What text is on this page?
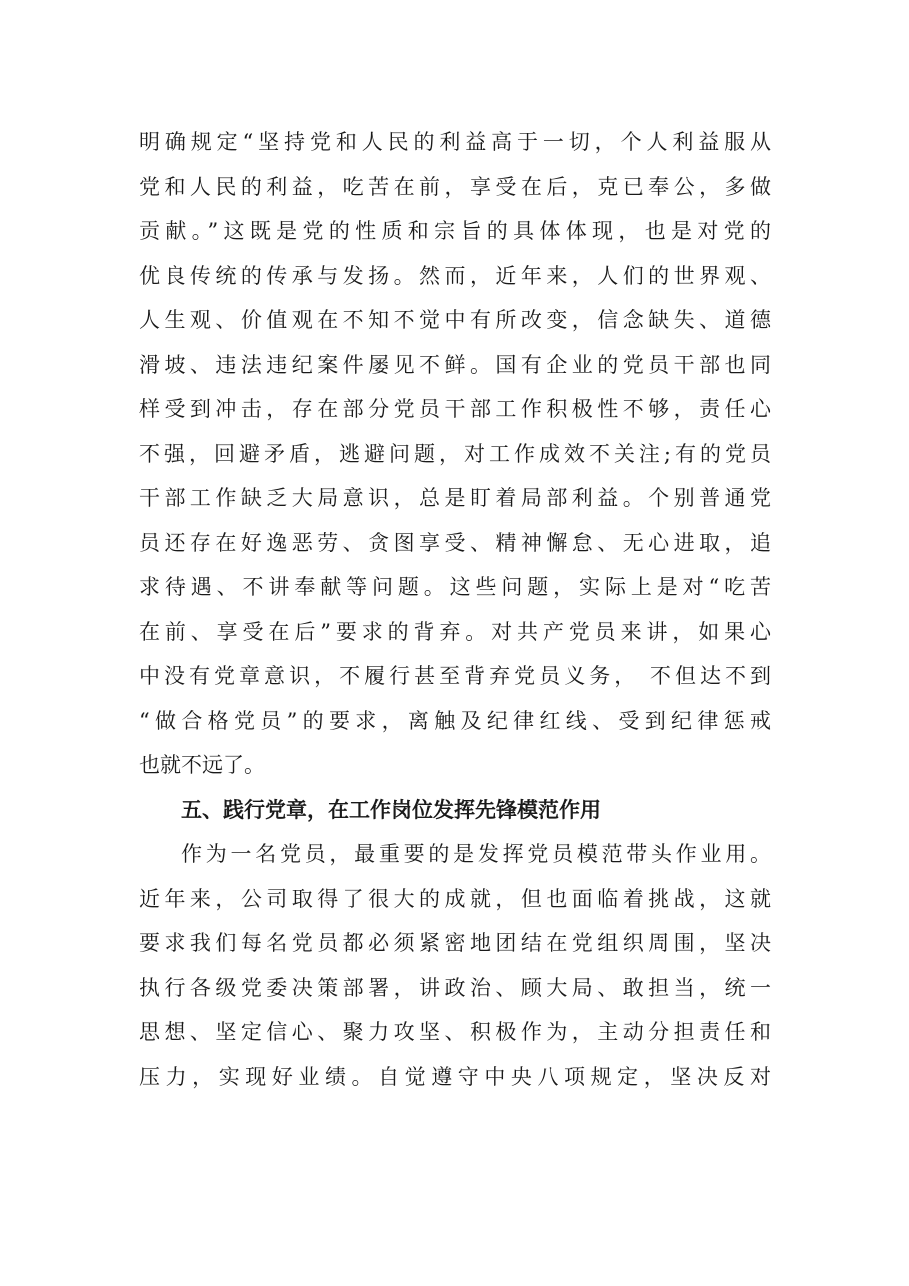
明确规定“坚持党和人民的利益高于一切，个人利益服从
党和人民的利益，吃苦在前，享受在后，克已奉公，多做
贡献。”这既是党的性质和宗旨的具体体现，也是对党的
优良传统的传承与发扬。然而，近年来，人们的世界观、
人生观、价值观在不知不觉中有所改变，信念缺失、道德
滑坡、违法违纪案件屡见不鲜。国有企业的党员干部也同
样受到冲击，存在部分党员干部工作积极性不够，责任心
不强，回避矛盾，逃避问题，对工作成效不关注;有的党员
干部工作缺乏大局意识，总是盯着局部利益。个别普通党
员还存在好逸恶劳、贪图享受、精神懈怠、无心进取，追
求待遇、不讲奉献等问题。这些问题，实际上是对“吃苦
在前、享受在后”要求的背弃。对共产党员来讲，如果心
中没有党章意识，不履行甚至背弃党员义务， 不但达不到
“做合格党员”的要求，离触及纪律红线、受到纪律惩戒
也就不远了。
五、践行党章，在工作岗位发挥先锋模范作用
作为一名党员，最重要的是发挥党员模范带头作业用。
近年来，公司取得了很大的成就，但也面临着挑战，这就
要求我们每名党员都必须紧密地团结在党组织周围，坚决
执行各级党委决策部署，讲政治、顾大局、敢担当，统一
思想、坚定信心、聚力攻坚、积极作为，主动分担责任和
压力，实现好业绩。自觉遵守中央八项规定，坚决反对
